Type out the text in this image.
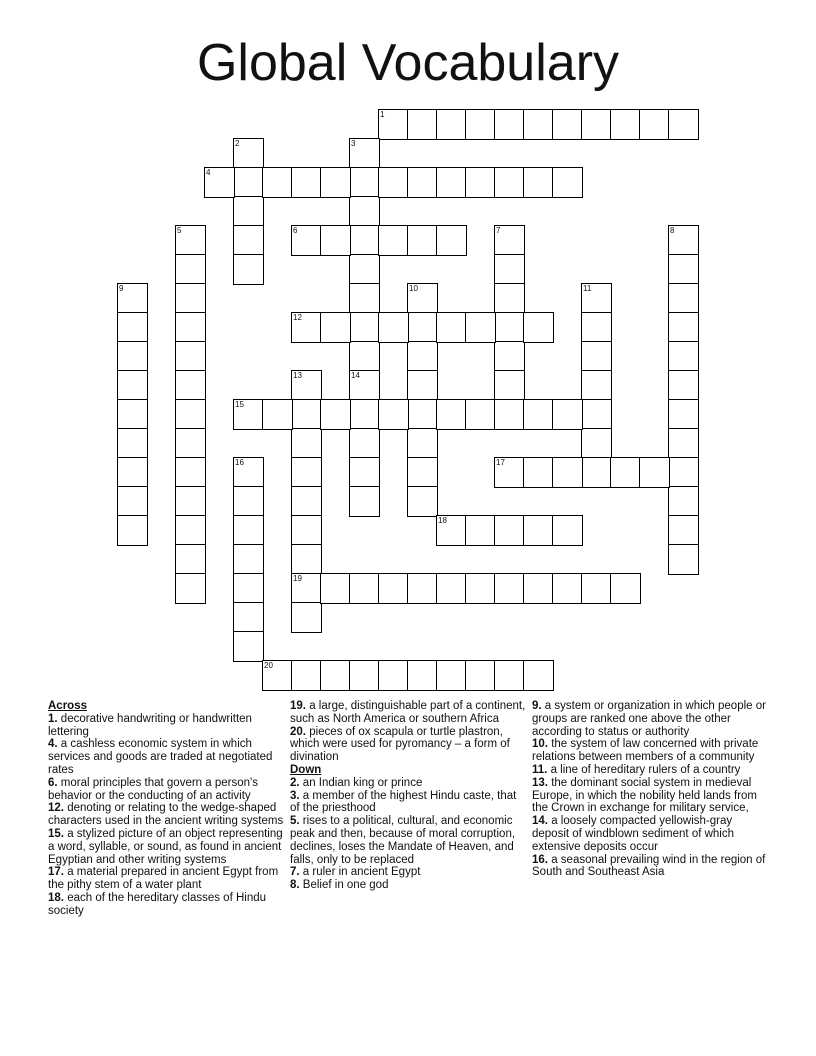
Global Vocabulary
1
2	3
14
4
5	6	7	8
9	10	11
12
13
19
15
16	17
18
20
Across

1. decorative handwriting or handwritten lettering

4. a cashless economic system in which services and goods are traded at negotiated rates

6. moral principles that govern a person's behavior or the conducting of an activity

12. denoting or relating to the wedge-shaped characters used in the ancient writing systems

15. a stylized picture of an object representing a word, syllable, or sound, as found in ancient Egyptian and other writing systems

17. a material prepared in ancient Egypt from the pithy stem of a water plant

18. each of the hereditary classes of Hindu society

19. a large, distinguishable part of a continent, such as North America or southern Africa

20. pieces of ox scapula or turtle plastron, which were used for pyromancy – a form of divination

Down

2. an Indian king or prince

3. a member of the highest Hindu caste, that of the priesthood

5. rises to a political, cultural, and economic peak and then, because of moral corruption, declines, loses the Mandate of Heaven, and falls, only to be replaced

7. a ruler in ancient Egypt

8. Belief in one god

9. a system or organization in which people or groups are ranked one above the other according to status or authority

10. the system of law concerned with private relations between members of a community

11. a line of hereditary rulers of a country

13. the dominant social system in medieval Europe, in which the nobility held lands from the Crown in exchange for military service,

14. a loosely compacted yellowish-gray deposit of windblown sediment of which extensive deposits occur

16. a seasonal prevailing wind in the region of South and Southeast Asia
